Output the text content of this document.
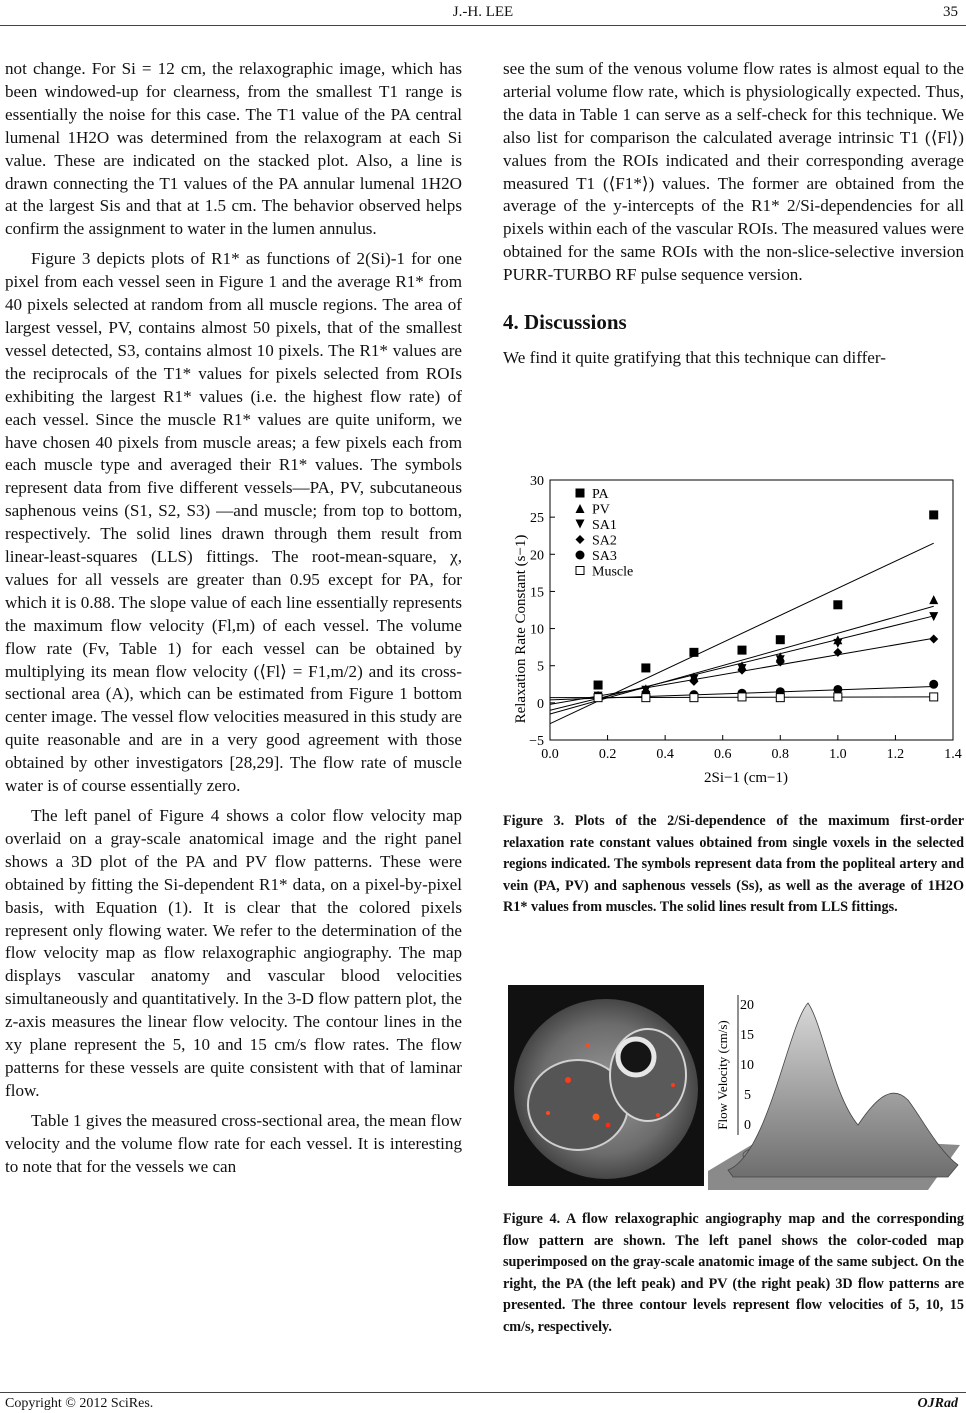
J.-H. LEE	35

not change. For Si = 12 cm, the relaxographic image, which has been windowed-up for clearness, from the smallest T1 range is essentially the noise for this case. The T1 value of the PA central lumenal 1H2O was determined from the relaxogram at each Si value. These are indicated on the stacked plot. Also, a line is drawn connecting the T1 values of the PA annular lumenal 1H2O at the largest Sis and that at 1.5 cm. The behavior observed helps confirm the assignment to water in the lumen annulus.

Figure 3 depicts plots of R1* as functions of 2(Si)-1 for one pixel from each vessel seen in Figure 1 and the average R1* from 40 pixels selected at random from all muscle regions. The area of largest vessel, PV, contains almost 50 pixels, that of the smallest vessel detected, S3, contains almost 10 pixels. The R1* values are the reciprocals of the T1* values for pixels selected from ROIs exhibiting the largest R1* values (i.e. the highest flow rate) of each vessel. Since the muscle R1* values are quite uniform, we have chosen 40 pixels from muscle areas; a few pixels each from each muscle type and averaged their R1* values. The symbols represent data from five different vessels—PA, PV, subcutaneous saphenous veins (S1, S2, S3) —and muscle; from top to bottom, respectively. The solid lines drawn through them result from linear-least-squares (LLS) fittings. The root-mean-square, χ, values for all vessels are greater than 0.95 except for PA, for which it is 0.88. The slope value of each line essentially represents the maximum flow velocity (Fl,m) of each vessel. The volume flow rate (Fv, Table 1) for each vessel can be obtained by multiplying its mean flow velocity (⟨Fl⟩ = F1,m/2) and its cross-sectional area (A), which can be estimated from Figure 1 bottom center image. The vessel flow velocities measured in this study are quite reasonable and are in a very good agreement with those obtained by other investigators [28,29]. The flow rate of muscle water is of course essentially zero.

The left panel of Figure 4 shows a color flow velocity map overlaid on a gray-scale anatomical image and the right panel shows a 3D plot of the PA and PV flow patterns. These were obtained by fitting the Si-dependent R1* data, on a pixel-by-pixel basis, with Equation (1). It is clear that the colored pixels represent only flowing water. We refer to the determination of the flow velocity map as flow relaxographic angiography. The map displays vascular anatomy and vascular blood velocities simultaneously and quantitatively. In the 3-D flow pattern plot, the z-axis measures the linear flow velocity. The contour lines in the xy plane represent the 5, 10 and 15 cm/s flow rates. The flow patterns for these vessels are quite consistent with that of laminar flow.

Table 1 gives the measured cross-sectional area, the mean flow velocity and the volume flow rate for each vessel. It is interesting to note that for the vessels we can

see the sum of the venous volume flow rates is almost equal to the arterial volume flow rate, which is physiologically expected. Thus, the data in Table 1 can serve as a self-check for this technique. We also list for comparison the calculated average intrinsic T1 (⟨Fl⟩) values from the ROIs indicated and their corresponding average measured T1 (⟨F1*⟩) values. The former are obtained from the average of the y-intercepts of the R1* 2/Si-dependencies for all pixels within each of the vascular ROIs. The measured values were obtained for the same ROIs with the non-slice-selective inversion PURR-TURBO RF pulse sequence version.

4. Discussions

We find it quite gratifying that this technique can differ-

0.0	0.2	0.4	0.6	0.8	1.0	1.2	1.4
−5
0
5
10
15
20
25
30
PA
PV
SA1
SA2
SA3
Muscle
Relaxation Rate Constant (s−1)
2Si−1 (cm−1)
Figure 3. Plots of the 2/Si-dependence of the maximum first-order relaxation rate constant values obtained from single voxels in the selected regions indicated. The symbols represent data from the popliteal artery and vein (PA, PV) and saphenous vessels (Ss), as well as the average of 1H2O R1* values from muscles. The solid lines result from LLS fittings.
20
15
10
5
0
Flow Velocity (cm/s)
Figure 4. A flow relaxographic angiography map and the corresponding flow pattern are shown. The left panel shows the color-coded map superimposed on the gray-scale anatomic image of the same subject. On the right, the PA (the left peak) and PV (the right peak) 3D flow patterns are presented. The three contour levels represent flow velocities of 5, 10, 15 cm/s, respectively.
Copyright © 2012 SciRes.	OJRad
